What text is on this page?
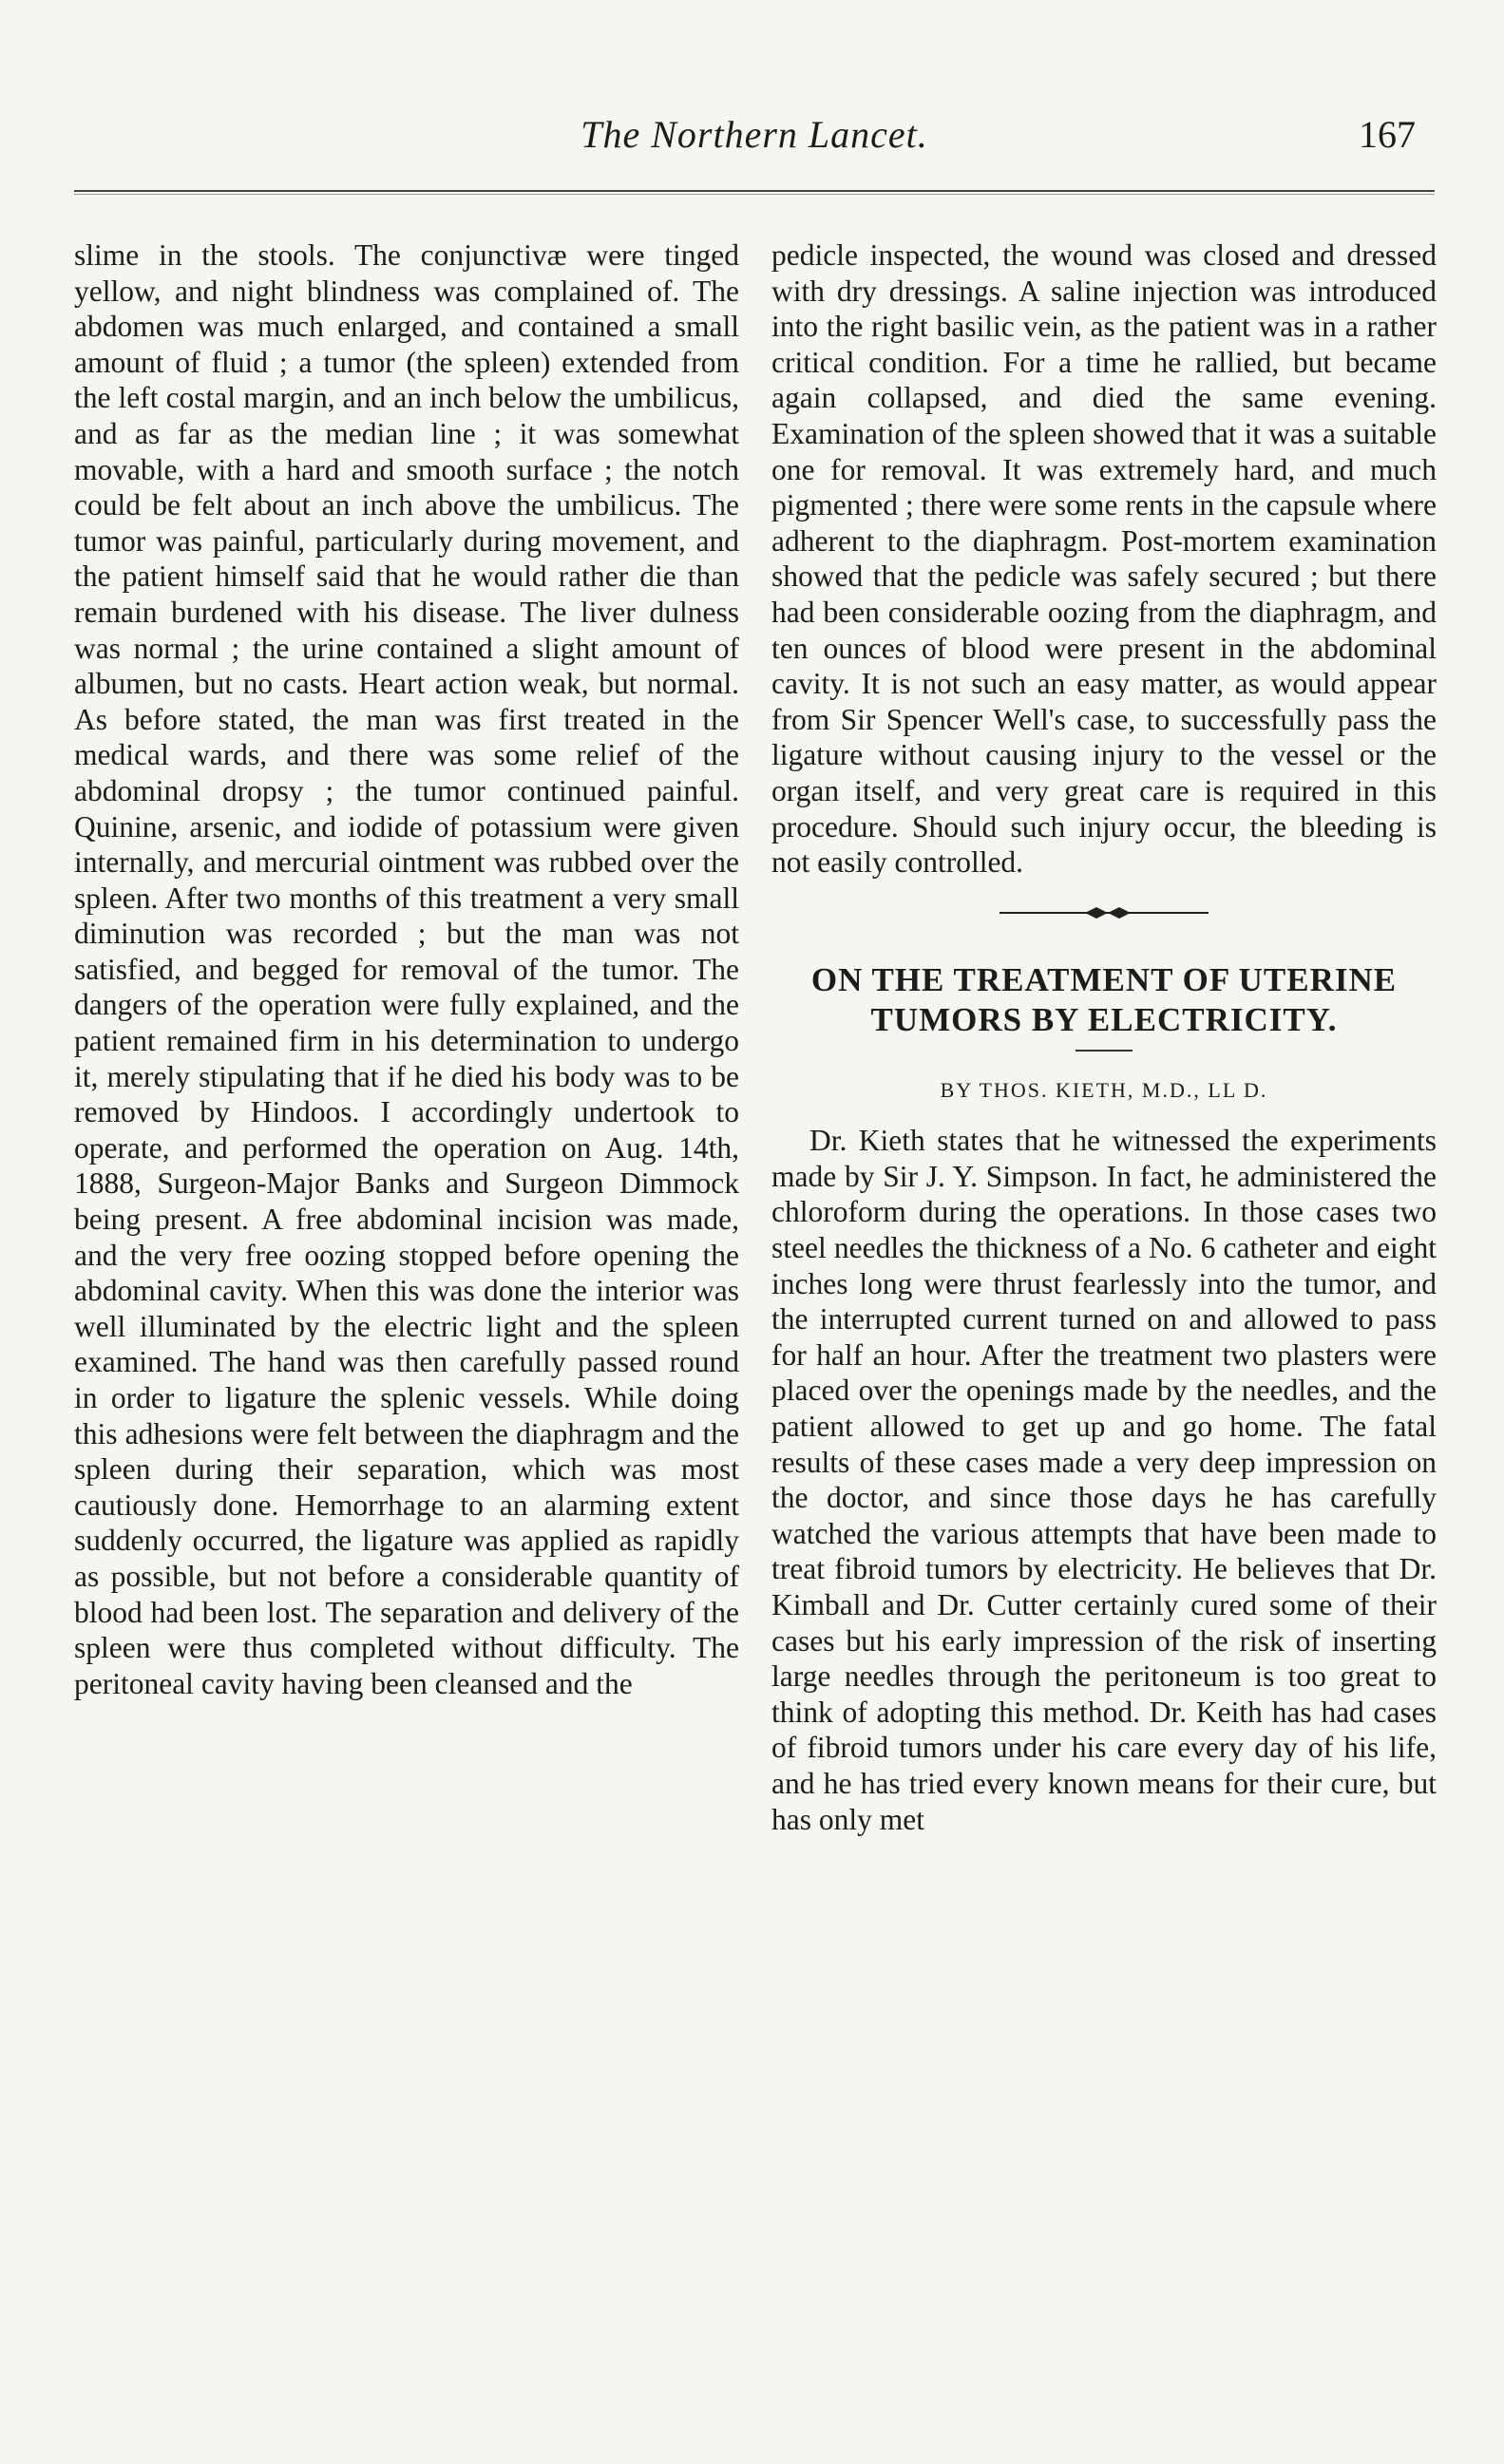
The Northern Lancet.	167

slime in the stools. The conjunctivæ were tinged yellow, and night blindness was complained of. The abdomen was much enlarged, and contained a small amount of fluid ; a tumor (the spleen) extended from the left costal margin, and an inch below the umbilicus, and as far as the median line ; it was somewhat movable, with a hard and smooth surface ; the notch could be felt about an inch above the umbilicus. The tumor was painful, particularly during movement, and the patient himself said that he would rather die than remain burdened with his disease. The liver dulness was normal ; the urine contained a slight amount of albumen, but no casts. Heart action weak, but normal. As before stated, the man was first treated in the medical wards, and there was some relief of the abdominal dropsy ; the tumor continued painful. Quinine, arsenic, and iodide of potassium were given internally, and mercurial ointment was rubbed over the spleen. After two months of this treatment a very small diminution was recorded ; but the man was not satisfied, and begged for removal of the tumor. The dangers of the operation were fully explained, and the patient remained firm in his determination to undergo it, merely stipulating that if he died his body was to be removed by Hindoos. I accordingly undertook to operate, and performed the operation on Aug. 14th, 1888, Surgeon-Major Banks and Surgeon Dimmock being present. A free abdominal incision was made, and the very free oozing stopped before opening the abdominal cavity. When this was done the interior was well illuminated by the electric light and the spleen examined. The hand was then carefully passed round in order to ligature the splenic vessels. While doing this adhesions were felt between the diaphragm and the spleen during their separation, which was most cautiously done. Hemorrhage to an alarming extent suddenly occurred, the ligature was applied as rapidly as possible, but not before a considerable quantity of blood had been lost. The separation and delivery of the spleen were thus completed without difficulty. The peritoneal cavity having been cleansed and the

pedicle inspected, the wound was closed and dressed with dry dressings. A saline injection was introduced into the right basilic vein, as the patient was in a rather critical condition. For a time he rallied, but became again collapsed, and died the same evening. Examination of the spleen showed that it was a suitable one for removal. It was extremely hard, and much pigmented ; there were some rents in the capsule where adherent to the diaphragm. Post-mortem examination showed that the pedicle was safely secured ; but there had been considerable oozing from the diaphragm, and ten ounces of blood were present in the abdominal cavity. It is not such an easy matter, as would appear from Sir Spencer Well's case, to successfully pass the ligature without causing injury to the vessel or the organ itself, and very great care is required in this procedure. Should such injury occur, the bleeding is not easily controlled.

ON THE TREATMENT OF UTERINE TUMORS BY ELECTRICITY.
BY THOS. KIETH, M.D., LL D.

Dr. Kieth states that he witnessed the experiments made by Sir J. Y. Simpson. In fact, he administered the chloroform during the operations. In those cases two steel needles the thickness of a No. 6 catheter and eight inches long were thrust fearlessly into the tumor, and the interrupted current turned on and allowed to pass for half an hour. After the treatment two plasters were placed over the openings made by the needles, and the patient allowed to get up and go home. The fatal results of these cases made a very deep impression on the doctor, and since those days he has carefully watched the various attempts that have been made to treat fibroid tumors by electricity. He believes that Dr. Kimball and Dr. Cutter certainly cured some of their cases but his early impression of the risk of inserting large needles through the peritoneum is too great to think of adopting this method. Dr. Keith has had cases of fibroid tumors under his care every day of his life, and he has tried every known means for their cure, but has only met
